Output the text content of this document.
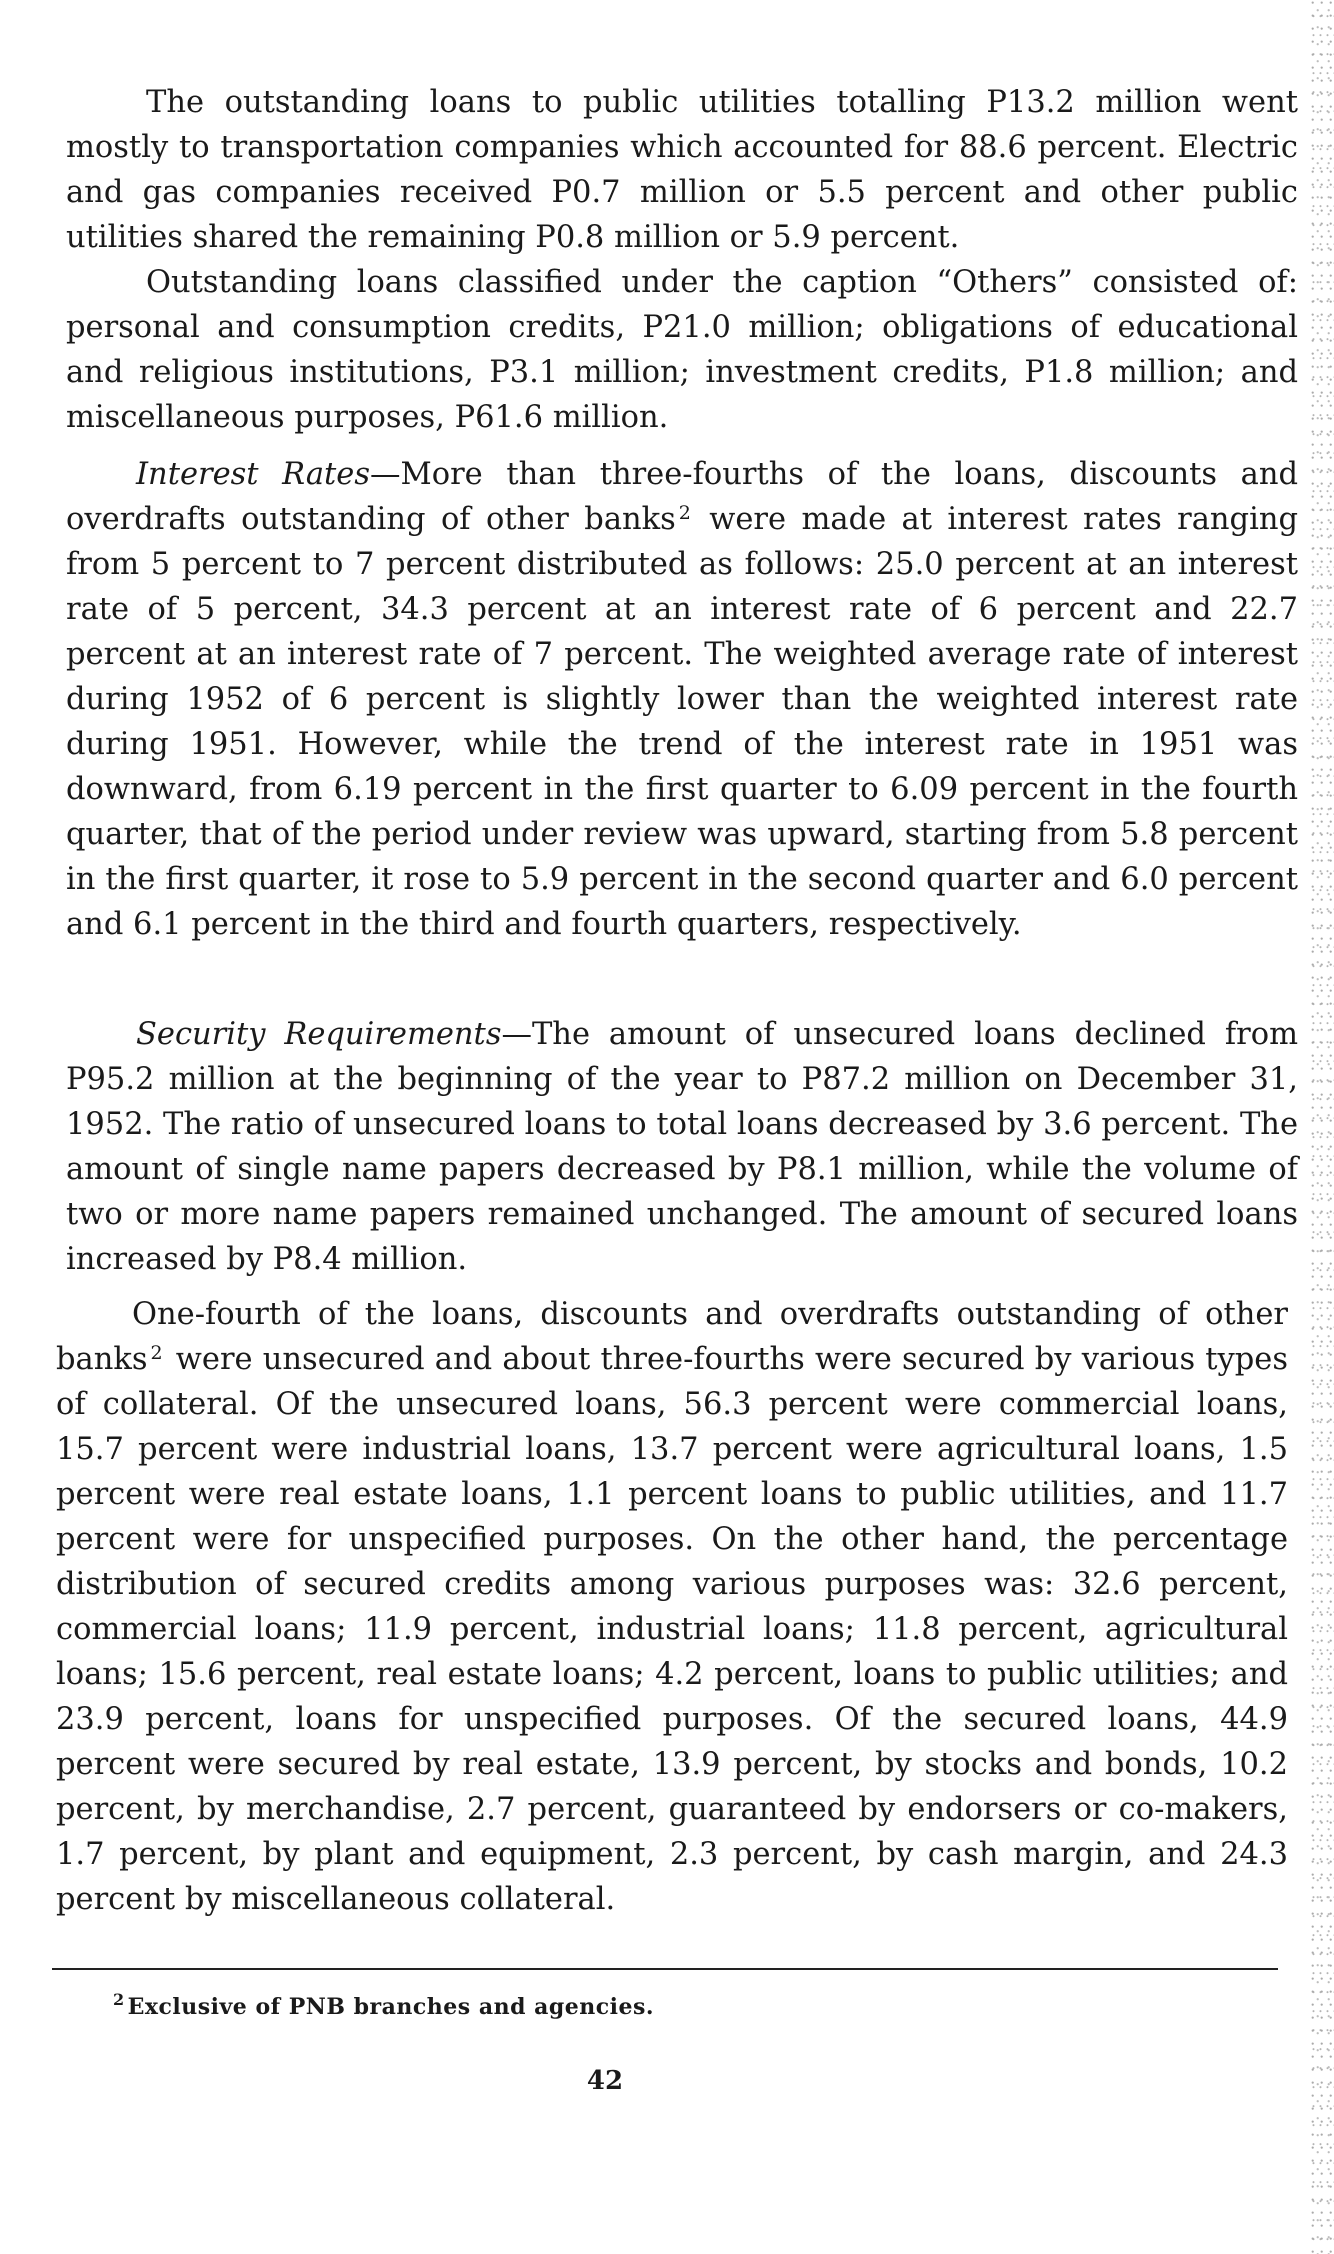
The outstanding loans to public utilities totalling P13.2 million went mostly to transportation companies which accounted for 88.6 percent. Electric and gas companies received P0.7 million or 5.5 percent and other public utilities shared the remaining P0.8 million or 5.9 percent.

Outstanding loans classified under the caption “Others” consisted of: personal and consumption credits, P21.0 million; obligations of educational and religious institutions, P3.1 million; investment credits, P1.8 million; and miscellaneous purposes, P61.6 million.

Interest Rates—More than three-fourths of the loans, discounts and overdrafts outstanding of other banks $^2$ were made at interest rates ranging from 5 percent to 7 percent distributed as follows: 25.0 percent at an interest rate of 5 percent, 34.3 percent at an interest rate of 6 percent and 22.7 percent at an interest rate of 7 percent. The weighted average rate of interest during 1952 of 6 percent is slightly lower than the weighted interest rate during 1951. However, while the trend of the interest rate in 1951 was downward, from 6.19 percent in the first quarter to 6.09 percent in the fourth quarter, that of the period under review was upward, starting from 5.8 percent in the first quarter, it rose to 5.9 percent in the second quarter and 6.0 percent and 6.1 percent in the third and fourth quarters, respectively.

Security Requirements—The amount of unsecured loans declined from P95.2 million at the beginning of the year to P87.2 million on December 31, 1952. The ratio of unsecured loans to total loans decreased by 3.6 percent. The amount of single name papers decreased by P8.1 million, while the volume of two or more name papers remained unchanged. The amount of secured loans increased by P8.4 million.

One-fourth of the loans, discounts and overdrafts outstanding of other banks $^2$ were unsecured and about three-fourths were secured by various types of collateral. Of the unsecured loans, 56.3 percent were commercial loans, 15.7 percent were industrial loans, 13.7 percent were agricultural loans, 1.5 percent were real estate loans, 1.1 percent loans to public utilities, and 11.7 percent were for unspecified purposes. On the other hand, the percentage distribution of secured credits among various purposes was: 32.6 percent, commercial loans; 11.9 percent, industrial loans; 11.8 percent, agricultural loans; 15.6 percent, real estate loans; 4.2 percent, loans to public utilities; and 23.9 percent, loans for unspecified purposes. Of the secured loans, 44.9 percent were secured by real estate, 13.9 percent, by stocks and bonds, 10.2 percent, by merchandise, 2.7 percent, guaranteed by endorsers or co-makers, 1.7 percent, by plant and equipment, 2.3 percent, by cash margin, and 24.3 percent by miscellaneous collateral.

$^2$ Exclusive of PNB branches and agencies.
42
